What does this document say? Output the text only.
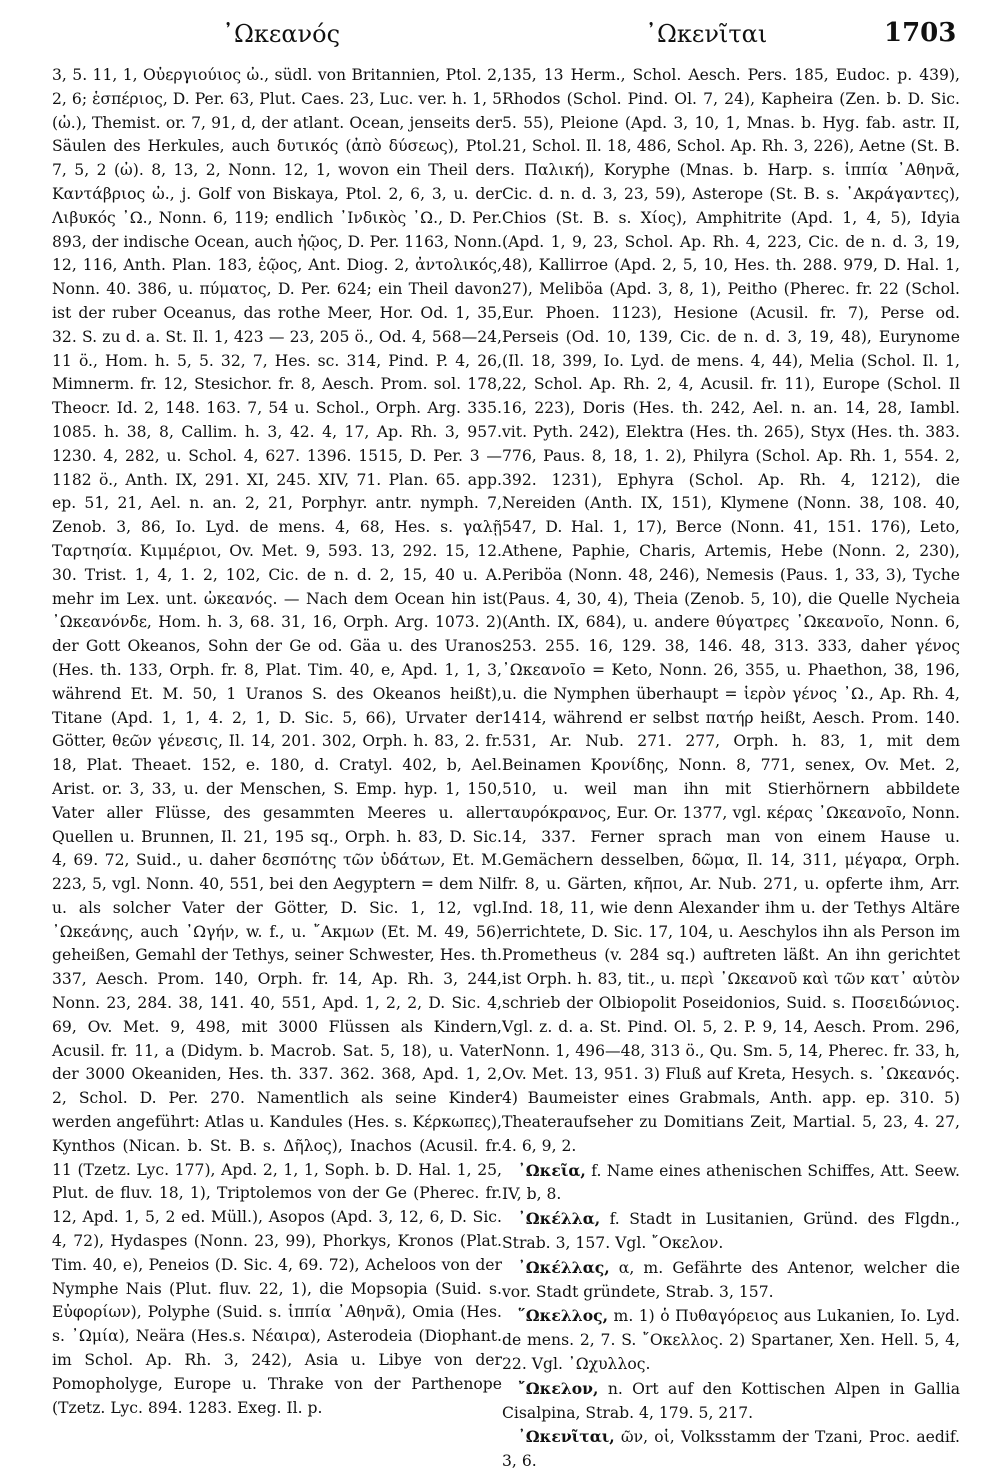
᾿Ωκεανός	᾿Ωκενῖται	1703

3, 5. 11, 1, Οὐεργιούιος ὠ., südl. von Britannien, Ptol. 2, 2, 6; ἑσπέριος, D. Per. 63, Plut. Caes. 23, Luc. ver. h. 1, 5 (ὠ.), Themist. or. 7, 91, d, der atlant. Ocean, jenseits der Säulen des Herkules, auch δυτικός (ἀπὸ δύσεως), Ptol. 7, 5, 2 (ὠ). 8, 13, 2, Nonn. 12, 1, wovon ein Theil der Καντάβριος ὠ., j. Golf von Biskaya, Ptol. 2, 6, 3, u. der Λιβυκός ᾿Ω., Nonn. 6, 119; endlich ᾿Ινδικὸς ᾿Ω., D. Per. 893, der indische Ocean, auch ἠῷος, D. Per. 1163, Nonn. 12, 116, Anth. Plan. 183, ἑῷος, Ant. Diog. 2, ἀντολικός, Nonn. 40. 386, u. πύματος, D. Per. 624; ein Theil davon ist der ruber Oceanus, das rothe Meer, Hor. Od. 1, 35, 32. S. zu d. a. St. Il. 1, 423 — 23, 205 ö., Od. 4, 568—24, 11 ö., Hom. h. 5, 5. 32, 7, Hes. sc. 314, Pind. P. 4, 26, Mimnerm. fr. 12, Stesichor. fr. 8, Aesch. Prom. sol. 178, Theocr. Id. 2, 148. 163. 7, 54 u. Schol., Orph. Arg. 335. 1085. h. 38, 8, Callim. h. 3, 42. 4, 17, Ap. Rh. 3, 957. 1230. 4, 282, u. Schol. 4, 627. 1396. 1515, D. Per. 3 — 1182 ö., Anth. IX, 291. XI, 245. XIV, 71. Plan. 65. app. ep. 51, 21, Ael. n. an. 2, 21, Porphyr. antr. nymph. 7, Zenob. 3, 86, Io. Lyd. de mens. 4, 68, Hes. s. γαλῇ Ταρτησία. Κιμμέριοι, Ov. Met. 9, 593. 13, 292. 15, 12. 30. Trist. 1, 4, 1. 2, 102, Cic. de n. d. 2, 15, 40 u. A. mehr im Lex. unt. ὠκεανός. — Nach dem Ocean hin ist ᾿Ωκεανόνδε, Hom. h. 3, 68. 31, 16, Orph. Arg. 1073. 2) der Gott Okeanos, Sohn der Ge od. Gäa u. des Uranos (Hes. th. 133, Orph. fr. 8, Plat. Tim. 40, e, Apd. 1, 1, 3, während Et. M. 50, 1 Uranos S. des Okeanos heißt), Titane (Apd. 1, 1, 4. 2, 1, D. Sic. 5, 66), Urvater der Götter, θεῶν γένεσις, Il. 14, 201. 302, Orph. h. 83, 2. fr. 18, Plat. Theaet. 152, e. 180, d. Cratyl. 402, b, Ael. Arist. or. 3, 33, u. der Menschen, S. Emp. hyp. 1, 150, Vater aller Flüsse, des gesammten Meeres u. aller Quellen u. Brunnen, Il. 21, 195 sq., Orph. h. 83, D. Sic. 4, 69. 72, Suid., u. daher δεσπότης τῶν ὑδάτων, Et. M. 223, 5, vgl. Nonn. 40, 551, bei den Aegyptern = dem Nil u. als solcher Vater der Götter, D. Sic. 1, 12, vgl. ᾿Ωκεάνης, auch ᾿Ωγήν, w. f., u. ῎Ακμων (Et. M. 49, 56) geheißen, Gemahl der Tethys, seiner Schwester, Hes. th. 337, Aesch. Prom. 140, Orph. fr. 14, Ap. Rh. 3, 244, Nonn. 23, 284. 38, 141. 40, 551, Apd. 1, 2, 2, D. Sic. 4, 69, Ov. Met. 9, 498, mit 3000 Flüssen als Kindern, Acusil. fr. 11, a (Didym. b. Macrob. Sat. 5, 18), u. Vater der 3000 Okeaniden, Hes. th. 337. 362. 368, Apd. 1, 2, 2, Schol. D. Per. 270. Namentlich als seine Kinder werden angeführt: Atlas u. Kandules (Hes. s. Κέρκωπες), Kynthos (Nican. b. St. B. s. Δῆλος), Inachos (Acusil. fr. 11 (Tzetz. Lyc. 177), Apd. 2, 1, 1, Soph. b. D. Hal. 1, 25, Plut. de fluv. 18, 1), Triptolemos von der Ge (Pherec. fr. 12, Apd. 1, 5, 2 ed. Müll.), Asopos (Apd. 3, 12, 6, D. Sic. 4, 72), Hydaspes (Nonn. 23, 99), Phorkys, Kronos (Plat. Tim. 40, e), Peneios (D. Sic. 4, 69. 72), Acheloos von der Nymphe Nais (Plut. fluv. 22, 1), die Mopsopia (Suid. s. Εὐφορίων), Polyphe (Suid. s. ἱππία ᾿Αθηνᾶ), Omia (Hes. s. ᾿Ωμία), Neära (Hes.s. Νέαιρα), Asterodeia (Diophant. im Schol. Ap. Rh. 3, 242), Asia u. Libye von der Pomopholyge, Europe u. Thrake von der Parthenope (Tzetz. Lyc. 894. 1283. Exeg. Il. p.

135, 13 Herm., Schol. Aesch. Pers. 185, Eudoc. p. 439), Rhodos (Schol. Pind. Ol. 7, 24), Kapheira (Zen. b. D. Sic. 5. 55), Pleione (Apd. 3, 10, 1, Mnas. b. Hyg. fab. astr. II, 21, Schol. Il. 18, 486, Schol. Ap. Rh. 3, 226), Aetne (St. B. s. Παλική), Koryphe (Mnas. b. Harp. s. ἱππία ᾿Αθηνᾶ, Cic. d. n. d. 3, 23, 59), Asterope (St. B. s. ᾿Ακράγαντες), Chios (St. B. s. Χίος), Amphitrite (Apd. 1, 4, 5), Idyia (Apd. 1, 9, 23, Schol. Ap. Rh. 4, 223, Cic. de n. d. 3, 19, 48), Kallirroe (Apd. 2, 5, 10, Hes. th. 288. 979, D. Hal. 1, 27), Meliböa (Apd. 3, 8, 1), Peitho (Pherec. fr. 22 (Schol. Eur. Phoen. 1123), Hesione (Acusil. fr. 7), Perse od. Perseis (Od. 10, 139, Cic. de n. d. 3, 19, 48), Eurynome (Il. 18, 399, Io. Lyd. de mens. 4, 44), Melia (Schol. Il. 1, 22, Schol. Ap. Rh. 2, 4, Acusil. fr. 11), Europe (Schol. Il 16, 223), Doris (Hes. th. 242, Ael. n. an. 14, 28, Iambl. vit. Pyth. 242), Elektra (Hes. th. 265), Styx (Hes. th. 383. 776, Paus. 8, 18, 1. 2), Philyra (Schol. Ap. Rh. 1, 554. 2, 392. 1231), Ephyra (Schol. Ap. Rh. 4, 1212), die Nereiden (Anth. IX, 151), Klymene (Nonn. 38, 108. 40, 547, D. Hal. 1, 17), Berce (Nonn. 41, 151. 176), Leto, Athene, Paphie, Charis, Artemis, Hebe (Nonn. 2, 230), Periböa (Nonn. 48, 246), Nemesis (Paus. 1, 33, 3), Tyche (Paus. 4, 30, 4), Theia (Zenob. 5, 10), die Quelle Nycheia (Anth. IX, 684), u. andere θύγατρες ᾿Ωκεανοῖο, Nonn. 6, 253. 255. 16, 129. 38, 146. 48, 313. 333, daher γένος ᾿Ωκεανοῖο = Keto, Nonn. 26, 355, u. Phaethon, 38, 196, u. die Nymphen überhaupt = ἱερὸν γένος ᾿Ω., Ap. Rh. 4, 1414, während er selbst πατήρ heißt, Aesch. Prom. 140. 531, Ar. Nub. 271. 277, Orph. h. 83, 1, mit dem Beinamen Κρονίδης, Nonn. 8, 771, senex, Ov. Met. 2, 510, u. weil man ihn mit Stierhörnern abbildete ταυρόκρανος, Eur. Or. 1377, vgl. κέρας ᾿Ωκεανοῖο, Nonn. 14, 337. Ferner sprach man von einem Hause u. Gemächern desselben, δῶμα, Il. 14, 311, μέγαρα, Orph. fr. 8, u. Gärten, κῆποι, Ar. Nub. 271, u. opferte ihm, Arr. Ind. 18, 11, wie denn Alexander ihm u. der Tethys Altäre errichtete, D. Sic. 17, 104, u. Aeschylos ihn als Person im Prometheus (v. 284 sq.) auftreten läßt. An ihn gerichtet ist Orph. h. 83, tit., u. περὶ ᾿Ωκεανοῦ καὶ τῶν κατ᾿ αὐτὸν schrieb der Olbiopolit Poseidonios, Suid. s. Ποσειδώνιος. Vgl. z. d. a. St. Pind. Ol. 5, 2. P. 9, 14, Aesch. Prom. 296, Nonn. 1, 496—48, 313 ö., Qu. Sm. 5, 14, Pherec. fr. 33, h, Ov. Met. 13, 951. 3) Fluß auf Kreta, Hesych. s. ᾿Ωκεανός. 4) Baumeister eines Grabmals, Anth. app. ep. 310. 5) Theateraufseher zu Domitians Zeit, Martial. 5, 23, 4. 27, 4. 6, 9, 2.

᾿Ωκεῖα, f. Name eines athenischen Schiffes, Att. Seew. IV, b, 8.

᾿Ωκέλλα, f. Stadt in Lusitanien, Gründ. des Flgdn., Strab. 3, 157. Vgl. ῎Οκελον.

᾿Ωκέλλας, α, m. Gefährte des Antenor, welcher die vor. Stadt gründete, Strab. 3, 157.

῞Ωκελλος, m. 1) ὁ Πυθαγόρειος aus Lukanien, Io. Lyd. de mens. 2, 7. S. ῎Οκελλος. 2) Spartaner, Xen. Hell. 5, 4, 22. Vgl. ᾿Ωχυλλος.

῎Ωκελον, n. Ort auf den Kottischen Alpen in Gallia Cisalpina, Strab. 4, 179. 5, 217.

᾿Ωκενῖται, ῶν, οἱ, Volksstamm der Tzani, Proc. aedif. 3, 6.
